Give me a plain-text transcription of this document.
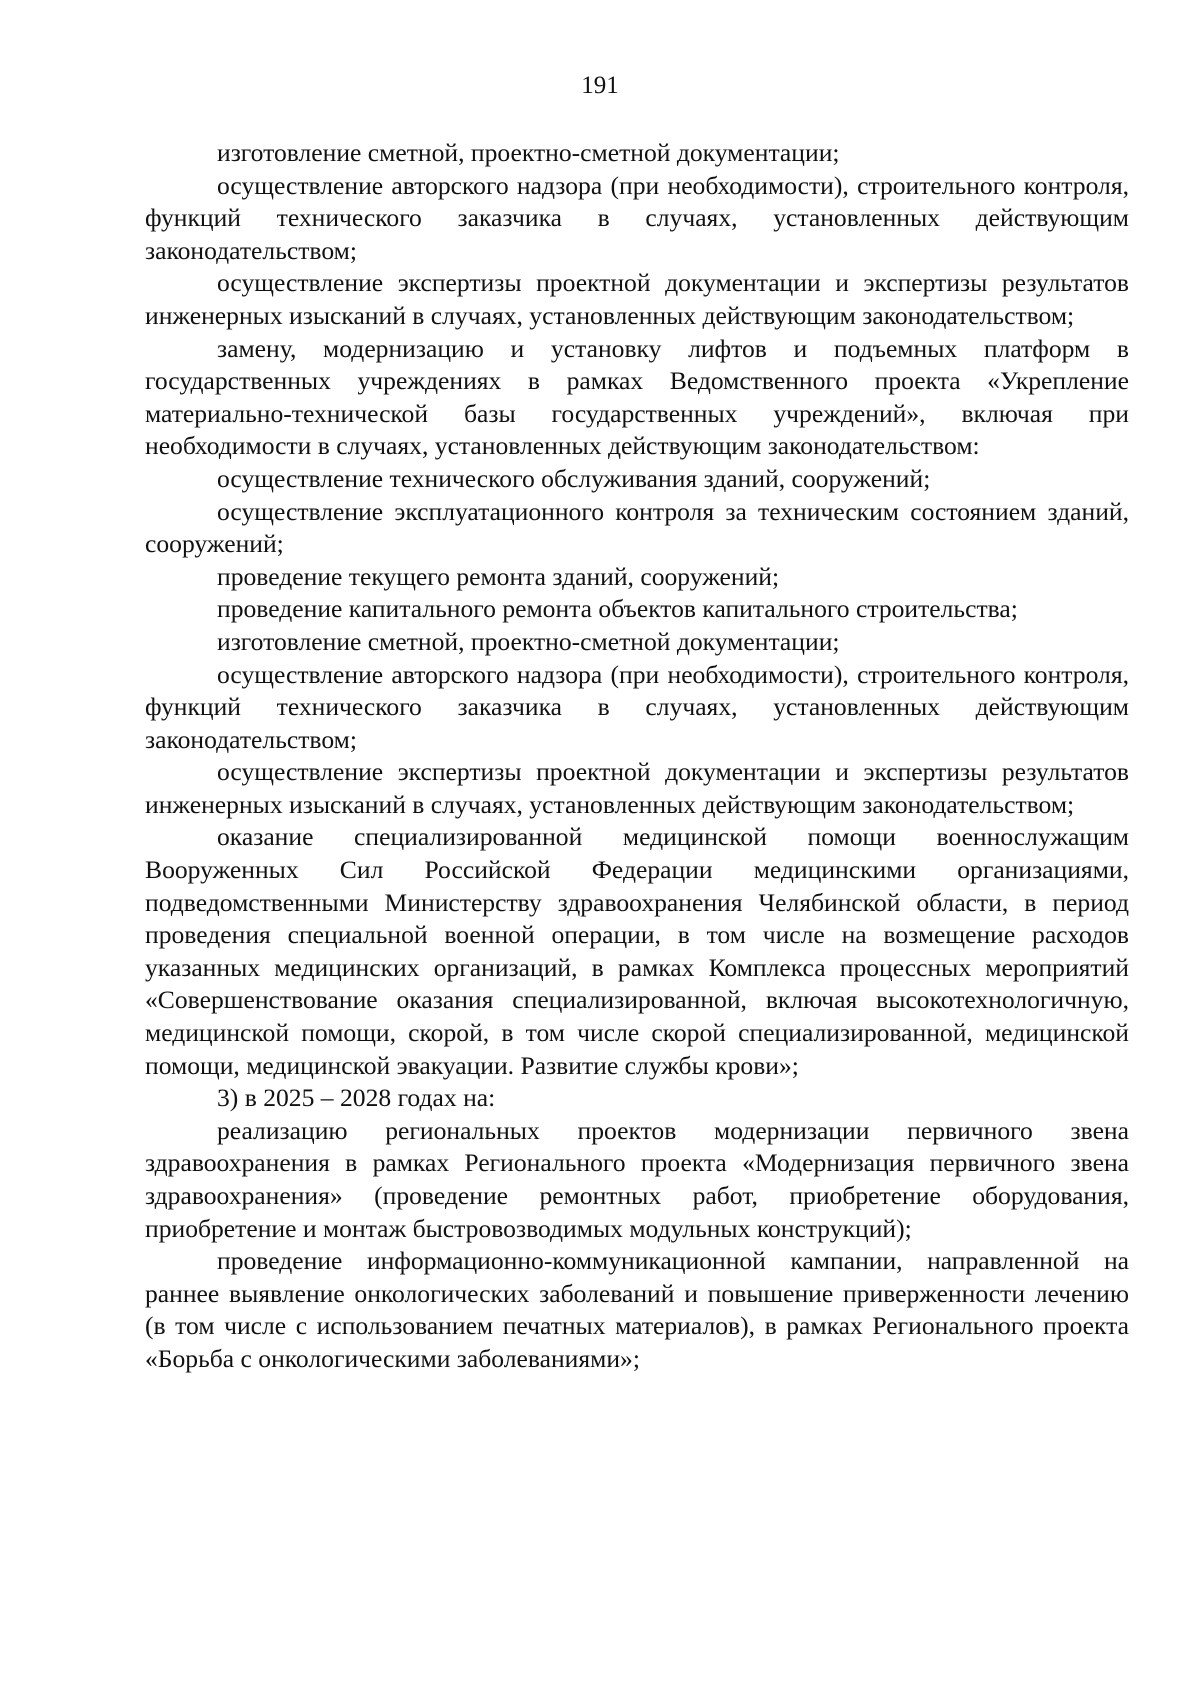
191

изготовление сметной, проектно-сметной документации;

осуществление авторского надзора (при необходимости), строительного контроля, функций технического заказчика в случаях, установленных действующим законодательством;

осуществление экспертизы проектной документации и экспертизы результатов инженерных изысканий в случаях, установленных действующим законодательством;

замену, модернизацию и установку лифтов и подъемных платформ в государственных учреждениях в рамках Ведомственного проекта «Укрепление материально-технической базы государственных учреждений», включая при необходимости в случаях, установленных действующим законодательством:

осуществление технического обслуживания зданий, сооружений;

осуществление эксплуатационного контроля за техническим состоянием зданий, сооружений;

проведение текущего ремонта зданий, сооружений;

проведение капитального ремонта объектов капитального строительства;

изготовление сметной, проектно-сметной документации;

осуществление авторского надзора (при необходимости), строительного контроля, функций технического заказчика в случаях, установленных действующим законодательством;

осуществление экспертизы проектной документации и экспертизы результатов инженерных изысканий в случаях, установленных действующим законодательством;

оказание специализированной медицинской помощи военнослужащим Вооруженных Сил Российской Федерации медицинскими организациями, подведомственными Министерству здравоохранения Челябинской области, в период проведения специальной военной операции, в том числе на возмещение расходов указанных медицинских организаций, в рамках Комплекса процессных мероприятий «Совершенствование оказания специализированной, включая высокотехнологичную, медицинской помощи, скорой, в том числе скорой специализированной, медицинской помощи, медицинской эвакуации. Развитие службы крови»;

3) в 2025 – 2028 годах на:

реализацию региональных проектов модернизации первичного звена здравоохранения в рамках Регионального проекта «Модернизация первичного звена здравоохранения» (проведение ремонтных работ, приобретение оборудования, приобретение и монтаж быстровозводимых модульных конструкций);

проведение информационно-коммуникационной кампании, направленной на раннее выявление онкологических заболеваний и повышение приверженности лечению (в том числе с использованием печатных материалов), в рамках Регионального проекта «Борьба с онкологическими заболеваниями»;
